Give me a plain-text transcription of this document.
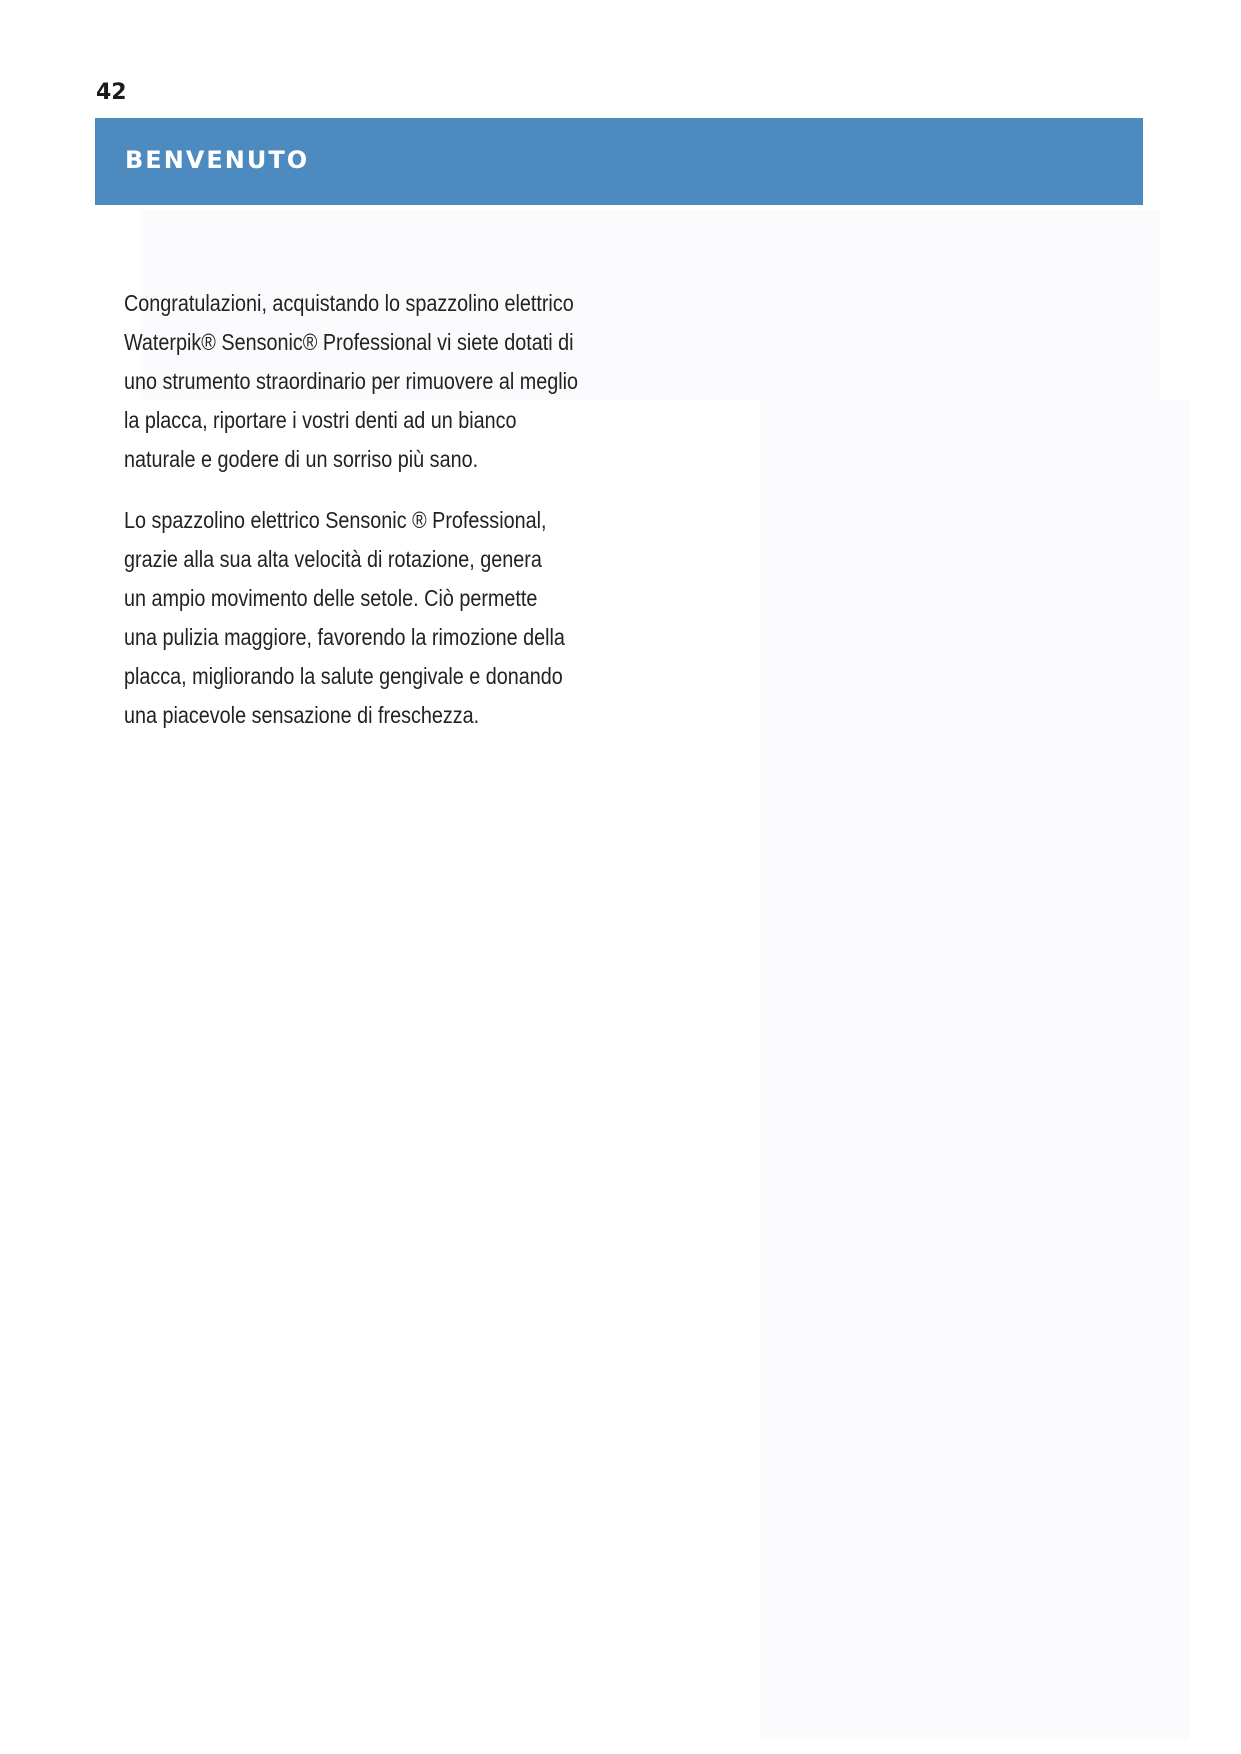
42
BENVENUTO

Congratulazioni, acquistando lo spazzolino elettrico
Waterpik® Sensonic® Professional vi siete dotati di
uno strumento straordinario per rimuovere al meglio
la placca, riportare i vostri denti ad un bianco
naturale e godere di un sorriso più sano.

Lo spazzolino elettrico Sensonic ® Professional,
grazie alla sua alta velocità di rotazione, genera
un ampio movimento delle setole. Ciò permette
una pulizia maggiore, favorendo la rimozione della
placca, migliorando la salute gengivale e donando
una piacevole sensazione di freschezza.
